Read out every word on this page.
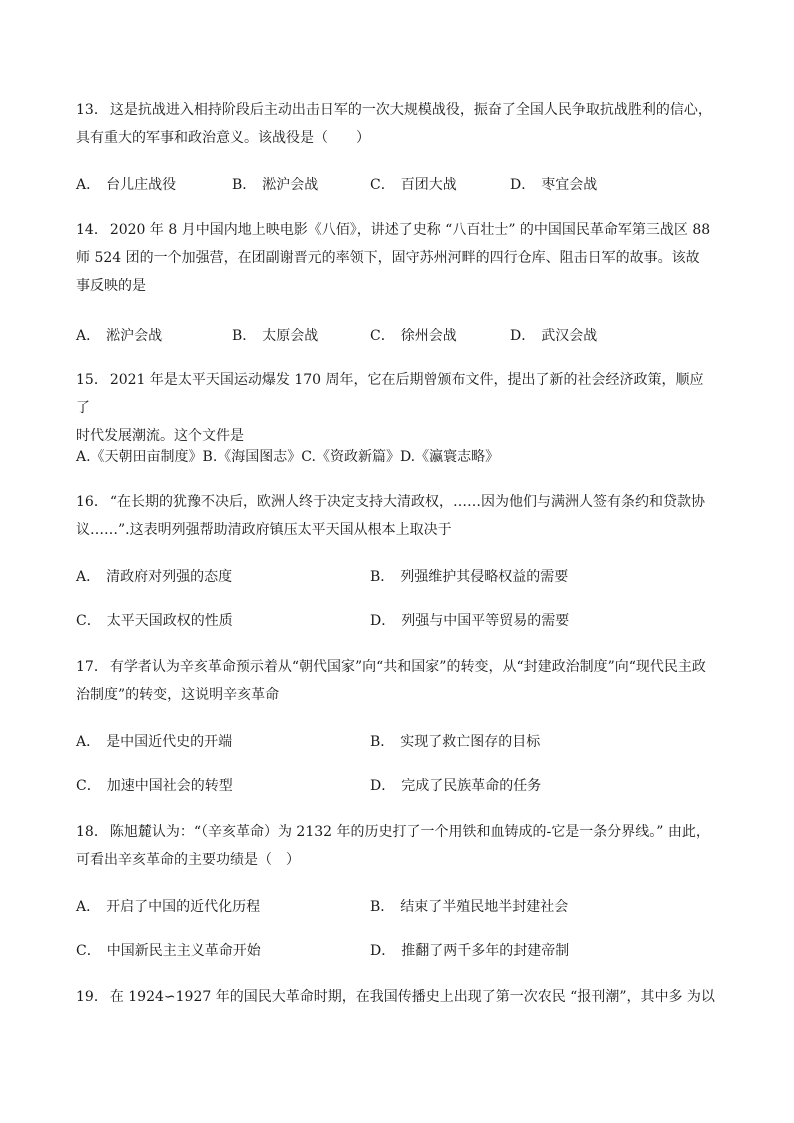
13． 这是抗战进入相持阶段后主动出击日军的一次大规模战役，振奋了全国人民争取抗战胜利的信心，
具有重大的军事和政治意义。该战役是（　　）

A． 台儿庄战役	B． 淞沪会战	C． 百团大战	D． 枣宜会战

14． 2020 年 8 月中国内地上映电影《八佰》，讲述了史称 “八百壮士” 的中国国民革命军第三战区 88
师 524 团的一个加强营，在团副谢晋元的率领下，固守苏州河畔的四行仓库、阻击日军的故事。该故
事反映的是

A． 淞沪会战	B． 太原会战	C． 徐州会战	D． 武汉会战

15． 2021 年是太平天国运动爆发 170 周年，它在后期曾颁布文件，提出了新的社会经济政策，顺应了
时代发展潮流。这个文件是

A.《天朝田亩制度》B.《海国图志》C.《资政新篇》D.《瀛寰志略》

16． “在长期的犹豫不决后，欧洲人终于决定支持大清政权，……因为他们与满洲人签有条约和贷款协
议……”.这表明列强帮助清政府镇压太平天国从根本上取决于

A． 清政府对列强的态度	B． 列强维护其侵略权益的需要
C． 太平天国政权的性质	D． 列强与中国平等贸易的需要

17． 有学者认为辛亥革命预示着从“朝代国家”向“共和国家”的转变，从“封建政治制度”向“现代民主政
治制度”的转变，这说明辛亥革命

A． 是中国近代史的开端	B． 实现了救亡图存的目标
C． 加速中国社会的转型	D． 完成了民族革命的任务

18． 陈旭麓认为：“（辛亥革命）为 2132 年的历史打了一个用铁和血铸成的-它是一条分界线。” 由此，
可看出辛亥革命的主要功绩是（　）

A． 开启了中国的近代化历程	B． 结束了半殖民地半封建社会
C． 中国新民主主义革命开始	D． 推翻了两千多年的封建帝制

19． 在 1924∽1927 年的国民大革命时期，在我国传播史上出现了第一次农民 “报刊潮”，其中多 为以
